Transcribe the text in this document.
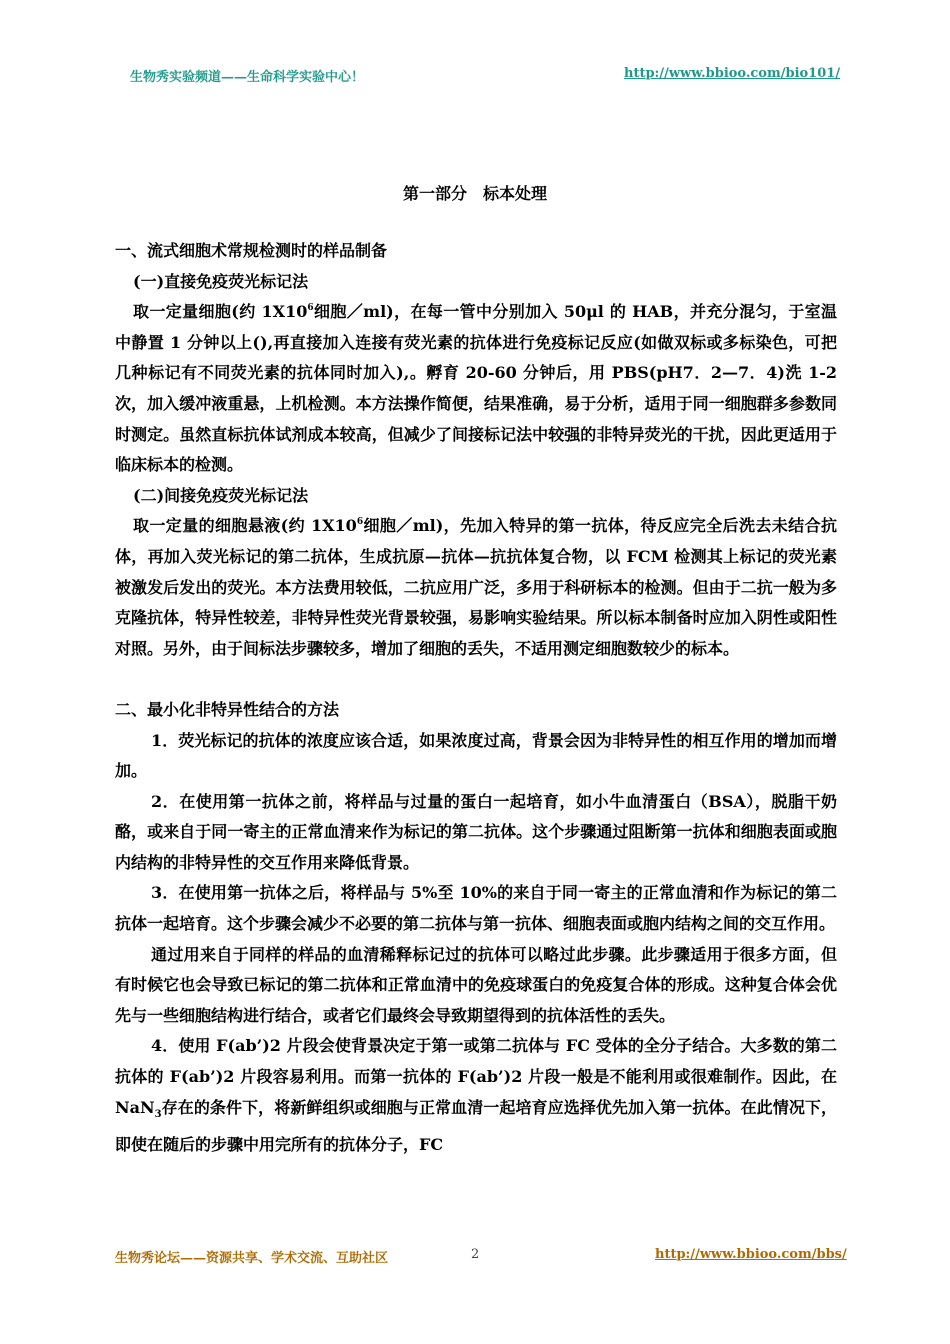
生物秀实验频道——生命科学实验中心！	http://www.bbioo.com/bio101/
第一部分　标本处理

一、流式细胞术常规检测时的样品制备

(一)直接免疫荧光标记法

取一定量细胞(约 $1X10^6$细胞／ml)，在每一管中分别加入 50μl 的 HAB，并充分混匀，于室温中静置 1 分钟以上(),再直接加入连接有荧光素的抗体进行免疫标记反应(如做双标或多标染色，可把几种标记有不同荧光素的抗体同时加入),。孵育 20-60 分钟后，用 PBS(pH7．2—7．4)洗 1-2 次，加入缓冲液重悬，上机检测。本方法操作简便，结果准确，易于分析，适用于同一细胞群多参数同时测定。虽然直标抗体试剂成本较高，但减少了间接标记法中较强的非特异荧光的干扰，因此更适用于临床标本的检测。

(二)间接免疫荧光标记法

取一定量的细胞悬液(约 $1X10^6$细胞／ml)，先加入特异的第一抗体，待反应完全后洗去未结合抗体，再加入荧光标记的第二抗体，生成抗原—抗体—抗抗体复合物，以 FCM 检测其上标记的荧光素被激发后发出的荧光。本方法费用较低，二抗应用广泛，多用于科研标本的检测。但由于二抗一般为多克隆抗体，特异性较差，非特异性荧光背景较强，易影响实验结果。所以标本制备时应加入阴性或阳性对照。另外，由于间标法步骤较多，增加了细胞的丢失，不适用测定细胞数较少的标本。

二、最小化非特异性结合的方法

1．荧光标记的抗体的浓度应该合适，如果浓度过高，背景会因为非特异性的相互作用的增加而增加。

2．在使用第一抗体之前，将样品与过量的蛋白一起培育，如小牛血清蛋白（BSA），脱脂干奶酪，或来自于同一寄主的正常血清来作为标记的第二抗体。这个步骤通过阻断第一抗体和细胞表面或胞内结构的非特异性的交互作用来降低背景。

3．在使用第一抗体之后，将样品与 5%至 10%的来自于同一寄主的正常血清和作为标记的第二抗体一起培育。这个步骤会减少不必要的第二抗体与第一抗体、细胞表面或胞内结构之间的交互作用。

通过用来自于同样的样品的血清稀释标记过的抗体可以略过此步骤。此步骤适用于很多方面，但有时候它也会导致已标记的第二抗体和正常血清中的免疫球蛋白的免疫复合体的形成。这种复合体会优先与一些细胞结构进行结合，或者它们最终会导致期望得到的抗体活性的丢失。

4．使用 F(ab’)2 片段会使背景决定于第一或第二抗体与 FC 受体的全分子结合。大多数的第二抗体的 F(ab’)2 片段容易利用。而第一抗体的 F(ab’)2 片段一般是不能利用或很难制作。因此，在 NaN$_3$存在的条件下，将新鲜组织或细胞与正常血清一起培育应选择优先加入第一抗体。在此情况下，即使在随后的步骤中用完所有的抗体分子，FC

生物秀论坛——资源共享、学术交流、互助社区	2	http://www.bbioo.com/bbs/
